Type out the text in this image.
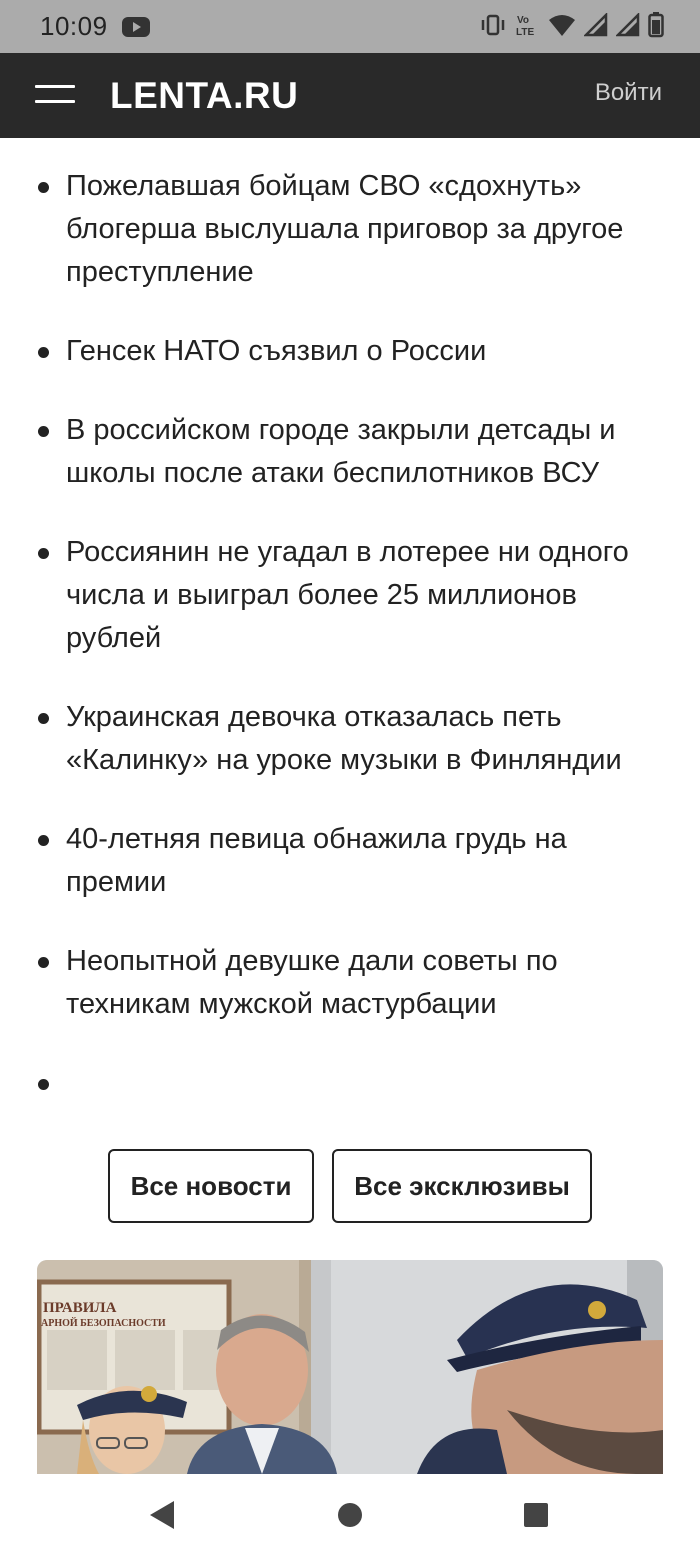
10:09	Vo
LTE
LENTA.RU	Войти
Пожелавшая бойцам СВО «сдохнуть» блогерша выслушала приговор за другое преступление
Генсек НАТО съязвил о России
В российском городе закрыли детсады и школы после атаки беспилотников ВСУ
Россиянин не угадал в лотерее ни одного числа и выиграл более 25 миллионов рублей
Украинская девочка отказалась петь «Калинку» на уроке музыки в Финляндии
40-летняя певица обнажила грудь на премии
Неопытной девушке дали советы по техникам мужской мастурбации
Все новости	Все эксклюзивы
ПРАВИЛА
АРНОЙ БЕЗОПАСНОСТИ
